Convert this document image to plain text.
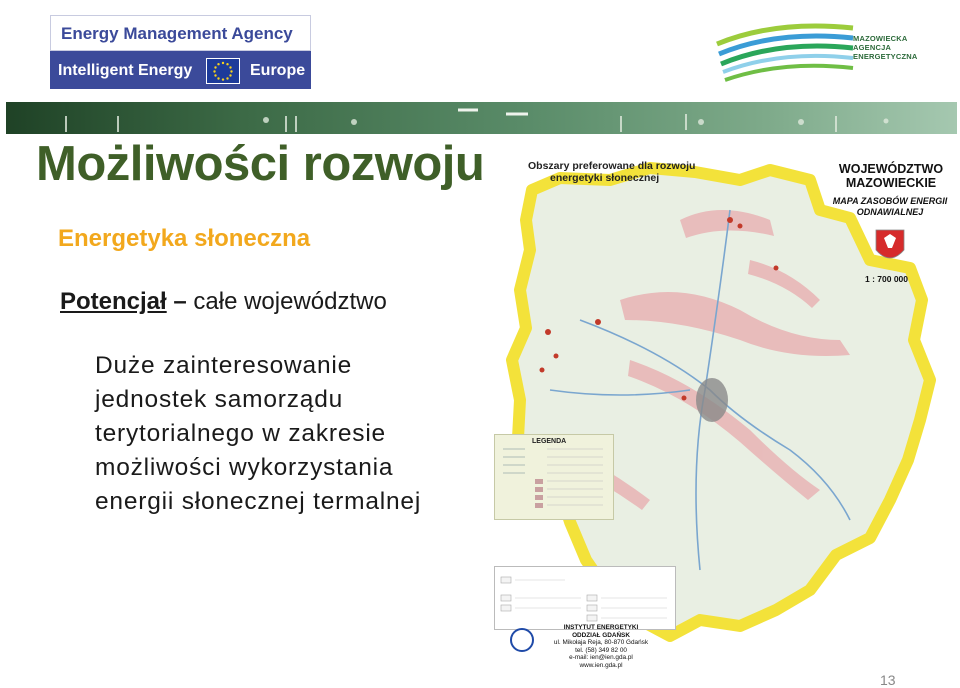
Energy Management Agency
Intelligent Energy	Europe
MAZOWIECKA
AGENCJA
ENERGETYCZNA
Możliwości rozwoju
Energetyka słoneczna
Potencjał – całe województwo
Duże zainteresowanie
jednostek samorządu
terytorialnego w zakresie
możliwości wykorzystania
energii słonecznej termalnej
Obszary preferowane dla rozwoju
energetyki słonecznej
WOJEWÓDZTWO
MAZOWIECKIE
MAPA ZASOBÓW ENERGII
ODNAWIALNEJ
1 : 700 000
LEGENDA
INSTYTUT ENERGETYKI
ODDZIAŁ GDAŃSK
ul. Mikołaja Reja, 80-870 Gdańsk
tel. (58) 349 82 00
e-mail: ien@ien.gda.pl
www.ien.gda.pl
13
